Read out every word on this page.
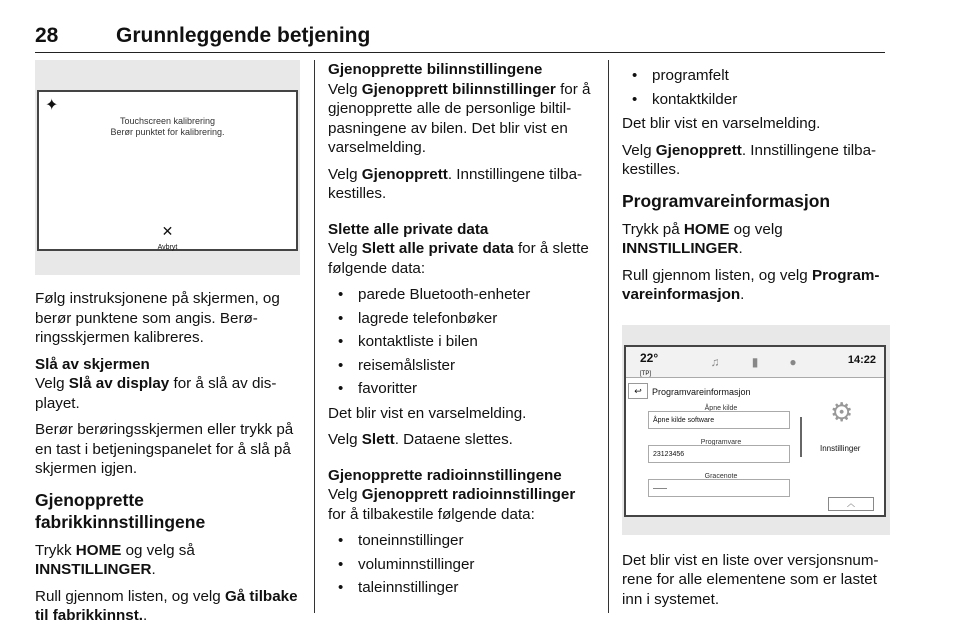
28	Grunnleggende betjening
✦
Touchscreen kalibrering
Berør punktet for kalibrering.
✕
Avbryt

Følg instruksjonene på skjermen, og berør punktene som angis. Berø- ringsskjermen kalibreres.

Slå av skjermen

Velg Slå av display for å slå av dis- playet.

Berør berøringsskjermen eller trykk på en tast i betjeningspanelet for å slå på skjermen igjen.

Gjenopprette fabrikkinnstillingene

Trykk HOME og velg så INNSTILLINGER.

Rull gjennom listen, og velg Gå tilbake til fabrikkinnst..

Gjenopprette bilinnstillingene

Velg Gjenopprett bilinnstillinger for å gjenopprette alle de personlige biltil- pasningene av bilen. Det blir vist en varselmelding.

Velg Gjenopprett. Innstillingene tilba- kestilles.

Slette alle private data

Velg Slett alle private data for å slette følgende data:

• parede Bluetooth-enheter
• lagrede telefonbøker
• kontaktliste i bilen
• reisemålslister
• favoritter

Det blir vist en varselmelding.

Velg Slett. Dataene slettes.

Gjenopprette radioinnstillingene

Velg Gjenopprett radioinnstillinger for å tilbakestile følgende data:

• toneinnstillinger
• voluminnstillinger
• taleinnstillinger
• programfelt
• kontaktkilder

Det blir vist en varselmelding.

Velg Gjenopprett. Innstillingene tilba- kestilles.

Programvareinformasjon

Trykk på HOME og velg INNSTILLINGER.

Rull gjennom listen, og velg Program- vareinformasjon.

22°
[TP]
♫	▮	●	14:22
↩	Programvareinformasjon
Åpne kilde
Åpne kilde software
Programvare
23123456
Gracenote
——
⚙
Innstillinger
︿

Det blir vist en liste over versjonsnum- rene for alle elementene som er lastet inn i systemet.
